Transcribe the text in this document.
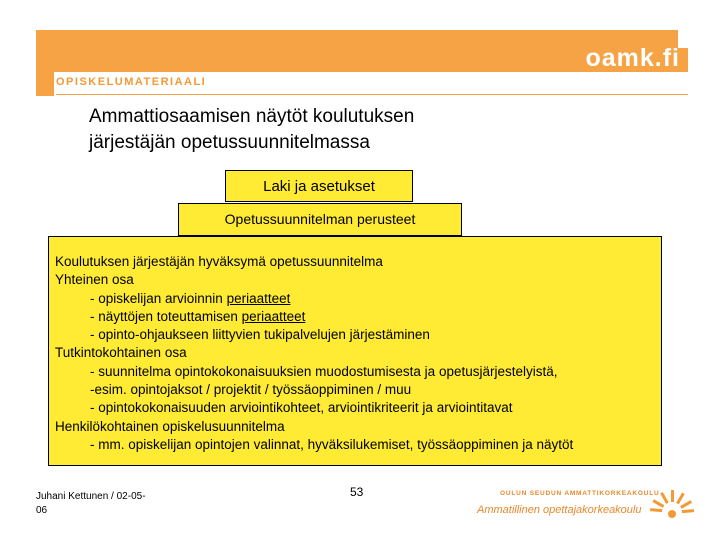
oamk.fi
OPISKELUMATERIAALI
Ammattiosaamisen näytöt koulutuksen
järjestäjän opetussuunnitelmassa
Laki ja asetukset
Opetussuunnitelman perusteet
Koulutuksen järjestäjän hyväksymä opetussuunnitelma
Yhteinen osa
- opiskelijan arvioinnin periaatteet
- näyttöjen toteuttamisen periaatteet
- opinto-ohjaukseen liittyvien tukipalvelujen järjestäminen
Tutkintokohtainen osa
- suunnitelma opintokokonaisuuksien muodostumisesta ja opetusjärjestelyistä,
-esim. opintojaksot / projektit / työssäoppiminen / muu
- opintokokonaisuuden arviointikohteet, arviointikriteerit ja arviointitavat
Henkilökohtainen opiskelusuunnitelma
- mm. opiskelijan opintojen valinnat, hyväksilukemiset, työssäoppiminen ja näytöt
Juhani Kettunen / 02-05-
06
53	OULUN SEUDUN AMMATTIKORKEAKOULU
Ammatillinen opettajakorkeakoulu
